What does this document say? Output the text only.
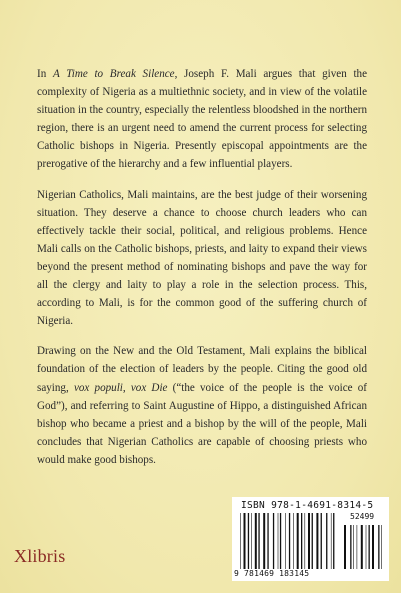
In A Time to Break Silence, Joseph F. Mali argues that given the complexity of Nigeria as a multiethnic society, and in view of the volatile situation in the country, especially the relentless bloodshed in the northern region, there is an urgent need to amend the current process for selecting Catholic bishops in Nigeria. Presently episcopal appointments are the prerogative of the hierarchy and a few influential players.

Nigerian Catholics, Mali maintains, are the best judge of their worsening situation. They deserve a chance to choose church leaders who can effectively tackle their social, political, and religious problems. Hence Mali calls on the Catholic bishops, priests, and laity to expand their views beyond the present method of nominating bishops and pave the way for all the clergy and laity to play a role in the selection process. This, according to Mali, is for the common good of the suffering church of Nigeria.

Drawing on the New and the Old Testament, Mali explains the biblical foundation of the election of leaders by the people. Citing the good old saying, vox populi, vox Die (“the voice of the people is the voice of God”), and referring to Saint Augustine of Hippo, a distinguished African bishop who became a priest and a bishop by the will of the people, Mali concludes that Nigerian Catholics are capable of choosing priests who would make good bishops.

ISBN 978-1-4691-8314-5
52499
9 781469 183145
Xlibris
